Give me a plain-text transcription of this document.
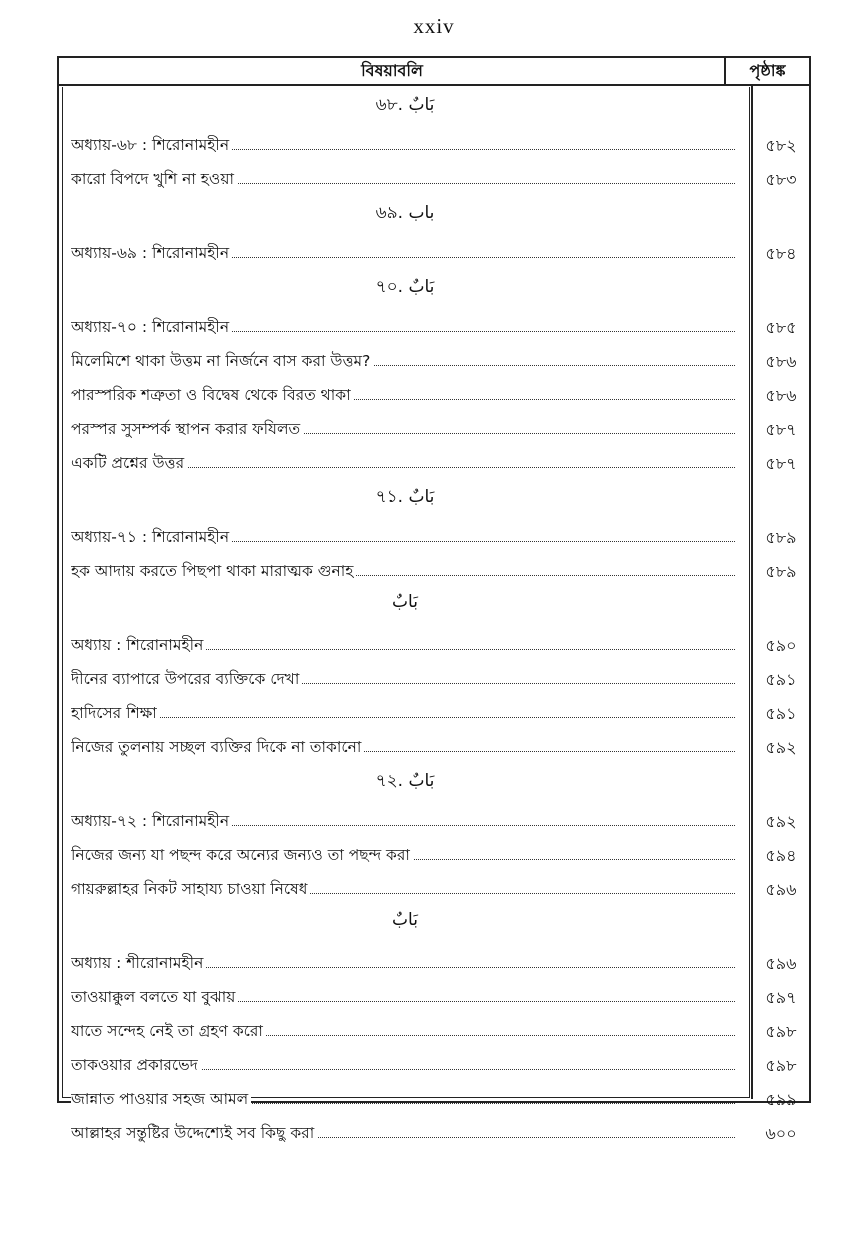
xxiv
বিষয়াবলি	পৃষ্ঠাঙ্ক
৬৮. بَابٌ
অধ্যায়-৬৮ : শিরোনামহীন	৫৮২
কারো বিপদে খুশি না হওয়া	৫৮৩
৬৯. باب
অধ্যায়-৬৯ : শিরোনামহীন	৫৮৪
৭০. بَابٌ
অধ্যায়-৭০ : শিরোনামহীন	৫৮৫
মিলেমিশে থাকা উত্তম না নির্জনে বাস করা উত্তম?	৫৮৬
পারস্পরিক শত্রুতা ও বিদ্বেষ থেকে বিরত থাকা	৫৮৬
পরস্পর সুসম্পর্ক স্থাপন করার ফযিলত	৫৮৭
একটি প্রশ্নের উত্তর	৫৮৭
৭১. بَابٌ
অধ্যায়-৭১ : শিরোনামহীন	৫৮৯
হক আদায় করতে পিছপা থাকা মারাত্মক গুনাহ	৫৮৯
بَابٌ
অধ্যায় : শিরোনামহীন	৫৯০
দীনের ব্যাপারে উপরের ব্যক্তিকে দেখা	৫৯১
হাদিসের শিক্ষা	৫৯১
নিজের তুলনায় সচ্ছল ব্যক্তির দিকে না তাকানো	৫৯২
৭২. بَابٌ
অধ্যায়-৭২ : শিরোনামহীন	৫৯২
নিজের জন্য যা পছন্দ করে অন্যের জন্যও তা পছন্দ করা	৫৯৪
গায়রুল্লাহর নিকট সাহায্য চাওয়া নিষেধ	৫৯৬
بَابٌ
অধ্যায় : শীরোনামহীন	৫৯৬
তাওয়াক্কুল বলতে যা বুঝায়	৫৯৭
যাতে সন্দেহ নেই তা গ্রহণ করো	৫৯৮
তাকওয়ার প্রকারভেদ	৫৯৮
জান্নাত পাওয়ার সহজ আমল	৫৯৯
আল্লাহর সন্তুষ্টির উদ্দেশ্যেই সব কিছু করা	৬০০
